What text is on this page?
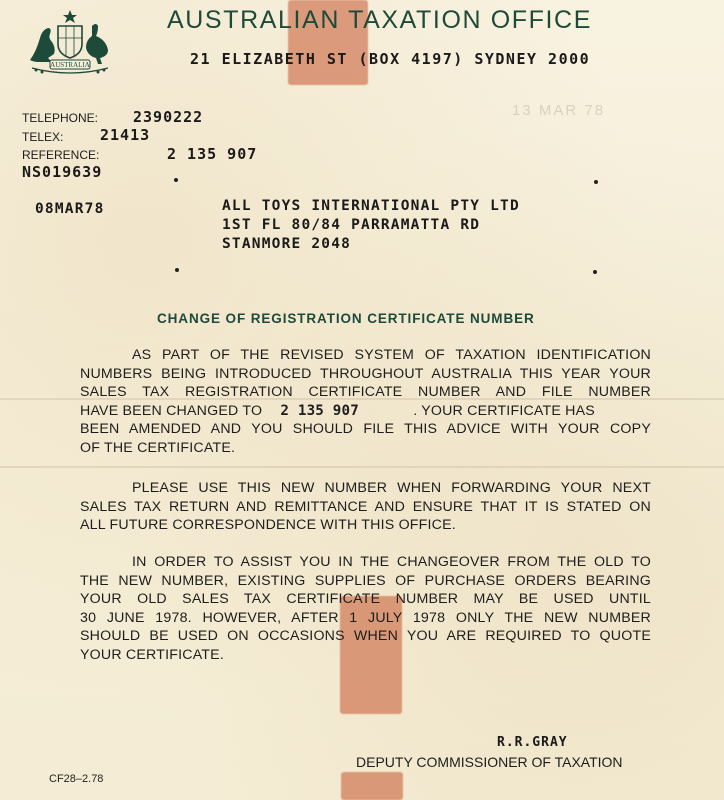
AUSTRALIA
AUSTRALIAN TAXATION OFFICE
21 ELIZABETH ST (BOX 4197) SYDNEY 2000
13 MAR 78
TELEPHONE: 2390222
TELEX: 21413
REFERENCE:	2 135 907
NS019639
08MAR78	ALL TOYS INTERNATIONAL PTY LTD
1ST FL 80/84 PARRAMATTA RD
STANMORE 2048
CHANGE OF REGISTRATION CERTIFICATE NUMBER
AS PART OF THE REVISED SYSTEM OF TAXATION IDENTIFICATION
NUMBERS BEING INTRODUCED THROUGHOUT AUSTRALIA THIS YEAR YOUR
SALES TAX REGISTRATION CERTIFICATE NUMBER AND FILE NUMBER
HAVE BEEN CHANGED TO 2 135 907	. YOUR CERTIFICATE HAS
BEEN AMENDED AND YOU SHOULD FILE THIS ADVICE WITH YOUR COPY
OF THE CERTIFICATE.
PLEASE USE THIS NEW NUMBER WHEN FORWARDING YOUR NEXT
SALES TAX RETURN AND REMITTANCE AND ENSURE THAT IT IS STATED ON
ALL FUTURE CORRESPONDENCE WITH THIS OFFICE.
IN ORDER TO ASSIST YOU IN THE CHANGEOVER FROM THE OLD TO
THE NEW NUMBER, EXISTING SUPPLIES OF PURCHASE ORDERS BEARING
YOUR OLD SALES TAX CERTIFICATE NUMBER MAY BE USED UNTIL
30 JUNE 1978. HOWEVER, AFTER 1 JULY 1978 ONLY THE NEW NUMBER
SHOULD BE USED ON OCCASIONS WHEN YOU ARE REQUIRED TO QUOTE
YOUR CERTIFICATE.
R.R.GRAY
DEPUTY COMMISSIONER OF TAXATION
CF28–2.78
